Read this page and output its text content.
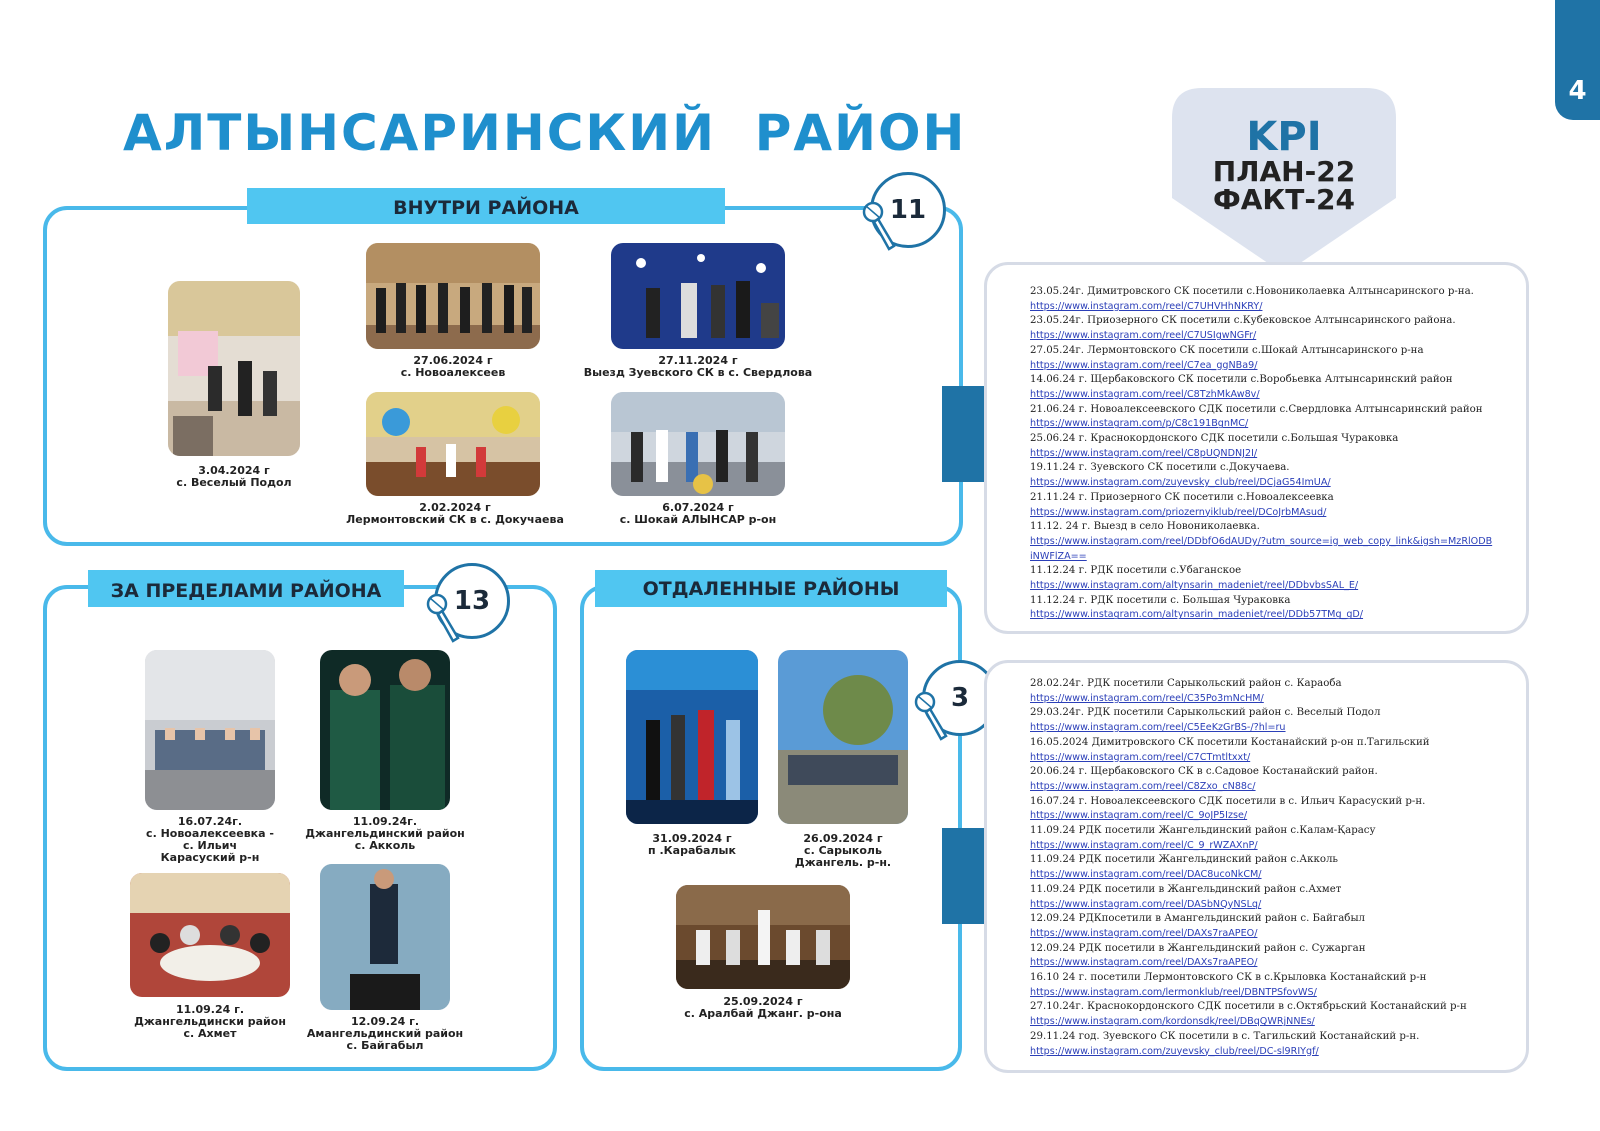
4
АЛТЫНСАРИНСКИЙ  РАЙОН	KPI
ПЛАН-22
ФАКТ-24
ВНУТРИ РАЙОНА	11
3.04.2024 г
с. Веселый Подол
27.06.2024 г
с. Новоалексеев
27.11.2024 г
Выезд Зуевского СК в с. Свердлова
2.02.2024 г
Лермонтовский СК в с. Докучаева
6.07.2024 г
с. Шокай АЛЫНСАР р-он
ЗА ПРЕДЕЛАМИ РАЙОНА	13
16.07.24г.
с. Новоалексеевка -
с. Ильич
Карасуский р-н
11.09.24г.
Джангельдинский район
с. Акколь
11.09.24 г.
Джангельдински район
с. Ахмет
12.09.24 г.
Амангельдинский район
с. Байгабыл
ОТДАЛЕННЫЕ РАЙОНЫ
3
31.09.2024 г
п .Карабалык
26.09.2024 г
с. Сарыколь
Джангель. р-н.
25.09.2024 г
с. Аралбай Джанг. р-она
23.05.24г. Димитровского СК посетили с.Новониколаевка Алтынсаринского р-на.
https://www.instagram.com/reel/C7UHVHhNKRY/
23.05.24г. Приозерного СК посетили с.Кубековское Алтынсаринского района.
https://www.instagram.com/reel/C7USIgwNGFr/
27.05.24г. Лермонтовского СК посетили с.Шокай Алтынсаринского р-на
https://www.instagram.com/reel/C7ea_ggNBa9/
14.06.24 г. Щербаковского СК посетили с.Воробьевка Алтынсаринский район
https://www.instagram.com/reel/C8TzhMkAw8v/
21.06.24 г. Новоалексеевского СДК посетили с.Свердловка Алтынсаринский район
https://www.instagram.com/p/C8c191BgnMC/
25.06.24 г. Краснокордонского СДК посетили с.Большая Чураковка
https://www.instagram.com/reel/C8pUQNDNJ2I/
19.11.24 г. Зуевского СК посетили с.Докучаева.
https://www.instagram.com/zuyevsky_club/reel/DCjaG54ImUA/
21.11.24 г. Приозерного СК посетили с.Новоалексеевка
https://www.instagram.com/priozernyiklub/reel/DCoJrbMAsud/
11.12. 24 г. Выезд в село Новониколаевка.
https://www.instagram.com/reel/DDbfO6dAUDy/?utm_source=ig_web_copy_link&igsh=MzRlODB
iNWFlZA==
11.12.24 г. РДК посетили с.Убаганское
https://www.instagram.com/altynsarin_madeniet/reel/DDbvbsSAL_E/
11.12.24 г. РДК посетили с. Большая Чураковка
https://www.instagram.com/altynsarin_madeniet/reel/DDb57TMg_gD/
28.02.24г. РДК посетили Сарыкольский район с. Караоба
https://www.instagram.com/reel/C35Po3mNcHM/
29.03.24г. РДК посетили Сарыкольский район с. Веселый Подол
https://www.instagram.com/reel/C5EeKzGrBS-/?hl=ru
16.05.2024 Димитровского СК посетили Костанайский р-он п.Тагильский
https://www.instagram.com/reel/C7CTmtltxxt/
20.06.24 г. Щербаковского СК в с.Садовое Костанайский район.
https://www.instagram.com/reel/C8Zxo_cN88c/
16.07.24 г. Новоалексеевского СДК посетили в с. Ильич Карасуский р-н.
https://www.instagram.com/reel/C_9oJP5Izse/
11.09.24 РДК посетили Жангельдинский район с.Калам-Қарасу
https://www.instagram.com/reel/C_9_rWZAXnP/
11.09.24 РДК посетили Жангельдинский район с.Акколь
https://www.instagram.com/reel/DAC8ucoNkCM/
11.09.24 РДК посетили в Жангельдинский район с.Ахмет
https://www.instagram.com/reel/DASbNQyNSLq/
12.09.24 РДКпосетили в Амангельдинский район с. Байгабыл
https://www.instagram.com/reel/DAXs7raAPEO/
12.09.24 РДК посетили в Жангельдинский район с. Сужарган
https://www.instagram.com/reel/DAXs7raAPEO/
16.10 24 г. посетили Лермонтовского СК в с.Крыловка Костанайский р-н
https://www.instagram.com/lermonklub/reel/DBNTPSfovWS/
27.10.24г. Краснокордонского СДК посетили в с.Октябрьский Костанайский р-н
https://www.instagram.com/kordonsdk/reel/DBqQWRjNNEs/
29.11.24 год. Зуевского СК посетили в с. Тагильский Костанайский р-н.
https://www.instagram.com/zuyevsky_club/reel/DC-sl9RIYgf/
